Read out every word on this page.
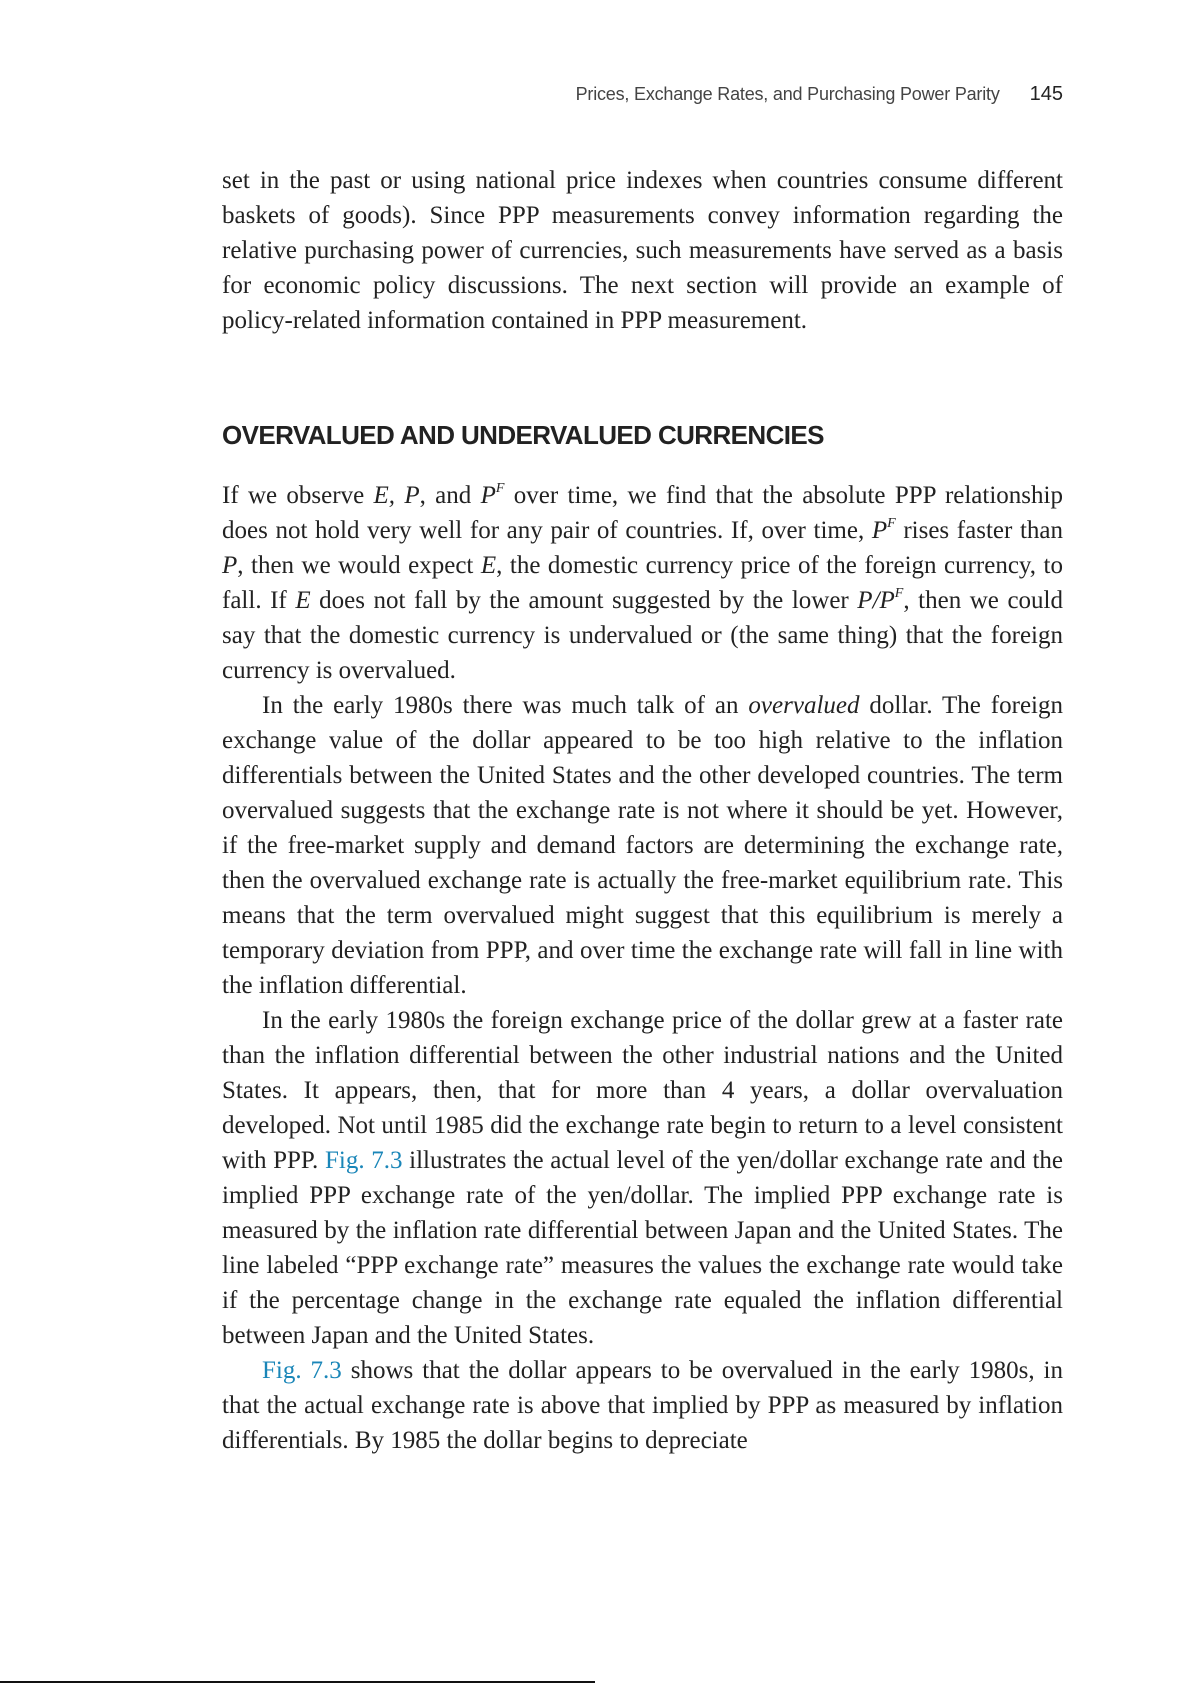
Prices, Exchange Rates, and Purchasing Power Parity 145

set in the past or using national price indexes when countries consume different baskets of goods). Since PPP measurements convey information regarding the relative purchasing power of currencies, such measurements have served as a basis for economic policy discussions. The next section will provide an example of policy-related information contained in PPP measurement.

OVERVALUED AND UNDERVALUED CURRENCIES

If we observe E, P, and $P^F$ over time, we find that the absolute PPP relationship does not hold very well for any pair of countries. If, over time, $P^F$ rises faster than P, then we would expect E, the domestic currency price of the foreign currency, to fall. If E does not fall by the amount suggested by the lower $P/P^F$, then we could say that the domestic currency is undervalued or (the same thing) that the foreign currency is overvalued.

In the early 1980s there was much talk of an overvalued dollar. The foreign exchange value of the dollar appeared to be too high relative to the inflation differentials between the United States and the other developed countries. The term overvalued suggests that the exchange rate is not where it should be yet. However, if the free-market supply and demand factors are determining the exchange rate, then the overvalued exchange rate is actually the free-market equilibrium rate. This means that the term overvalued might suggest that this equilibrium is merely a temporary deviation from PPP, and over time the exchange rate will fall in line with the inflation differential.

In the early 1980s the foreign exchange price of the dollar grew at a faster rate than the inflation differential between the other industrial nations and the United States. It appears, then, that for more than 4 years, a dollar overvaluation developed. Not until 1985 did the exchange rate begin to return to a level consistent with PPP. Fig. 7.3 illustrates the actual level of the yen/dollar exchange rate and the implied PPP exchange rate of the yen/dollar. The implied PPP exchange rate is measured by the inflation rate differential between Japan and the United States. The line labeled “PPP exchange rate” measures the values the exchange rate would take if the percentage change in the exchange rate equaled the inflation differential between Japan and the United States.

Fig. 7.3 shows that the dollar appears to be overvalued in the early 1980s, in that the actual exchange rate is above that implied by PPP as measured by inflation differentials. By 1985 the dollar begins to depreciate
